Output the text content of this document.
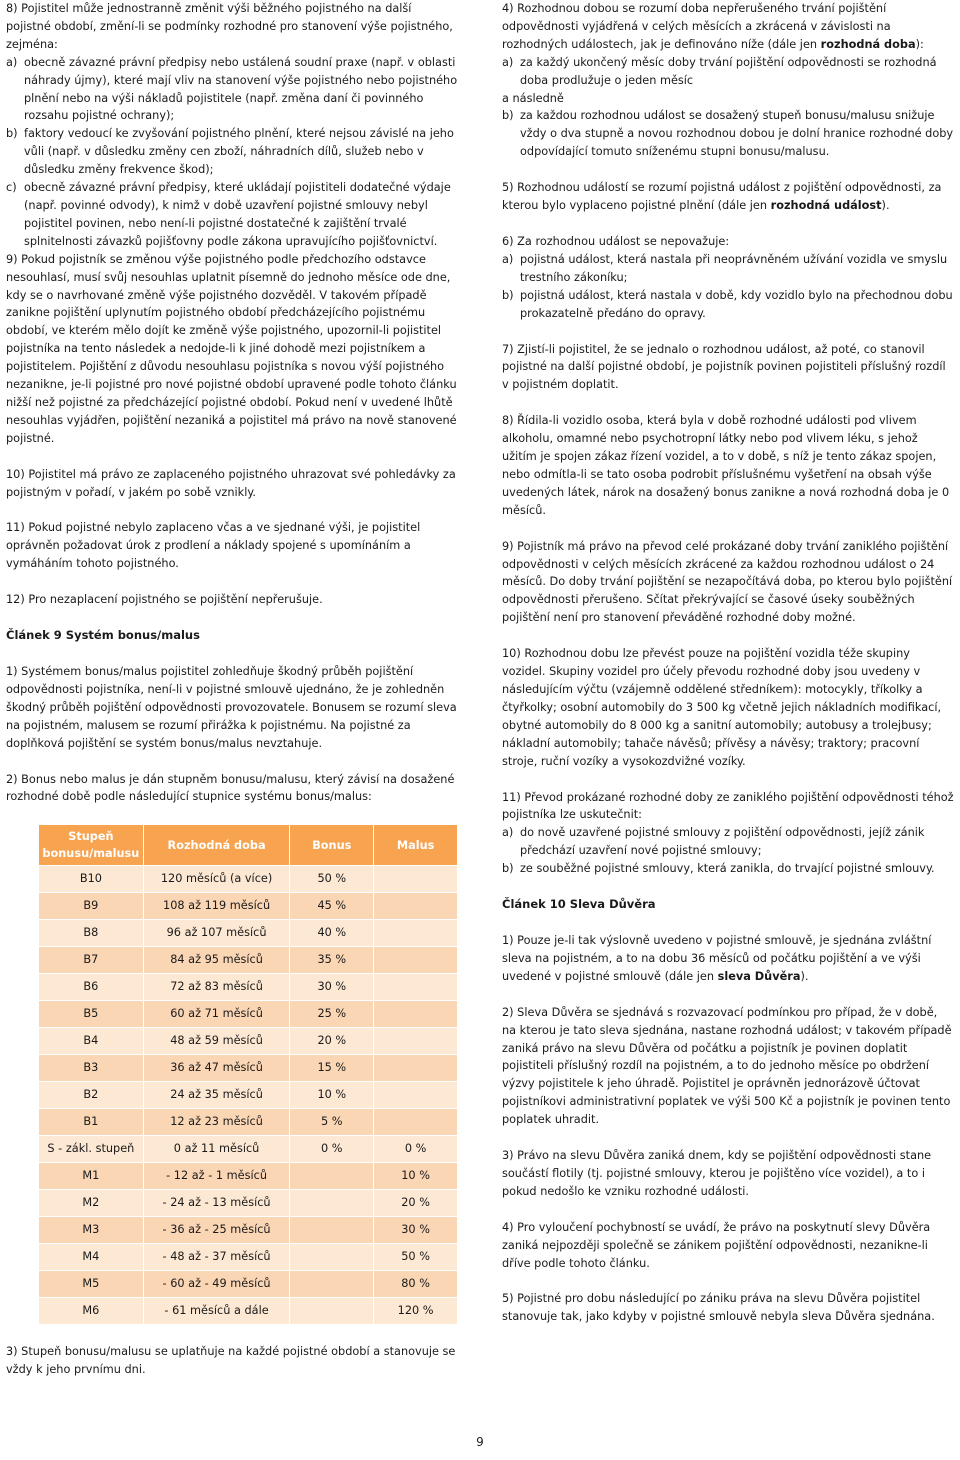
8) Pojistitel může jednostranně změnit výši běžného pojistného na další pojistné období, změní-li se podmínky rozhodné pro stanovení výše pojistného, zejména:

a) obecně závazné právní předpisy nebo ustálená soudní praxe (např. v oblasti náhrady újmy), které mají vliv na stanovení výše pojistného nebo pojistného plnění nebo na výši nákladů pojistitele (např. změna daní či povinného rozsahu pojistné ochrany);
b) faktory vedoucí ke zvyšování pojistného plnění, které nejsou závislé na jeho vůli (např. v důsledku změny cen zboží, náhradních dílů, služeb nebo v důsledku změny frekvence škod);
c) obecně závazné právní předpisy, které ukládají pojistiteli dodatečné výdaje (např. povinné odvody), k nimž v době uzavření pojistné smlouvy nebyl pojistitel povinen, nebo není-li pojistné dostatečné k zajištění trvalé splnitelnosti závazků pojišťovny podle zákona upravujícího pojišťovnictví.

9) Pokud pojistník se změnou výše pojistného podle předchozího odstavce nesouhlasí, musí svůj nesouhlas uplatnit písemně do jednoho měsíce ode dne, kdy se o navrhované změně výše pojistného dozvěděl. V takovém případě zanikne pojištění uplynutím pojistného období předcházejícího pojistnému období, ve kterém mělo dojít ke změně výše pojistného, upozornil-li pojistitel pojistníka na tento následek a nedojde-li k jiné dohodě mezi pojistníkem a pojistitelem. Pojištění z důvodu nesouhlasu pojistníka s novou výší pojistného nezanikne, je-li pojistné pro nové pojistné období upravené podle tohoto článku nižší než pojistné za předcházející pojistné období. Pokud není v uvedené lhůtě nesouhlas vyjádřen, pojištění nezaniká a pojistitel má právo na nově stanovené pojistné.

10) Pojistitel má právo ze zaplaceného pojistného uhrazovat své pohledávky za pojistným v pořadí, v jakém po sobě vznikly.

11) Pokud pojistné nebylo zaplaceno včas a ve sjednané výši, je pojistitel oprávněn požadovat úrok z prodlení a náklady spojené s upomínáním a vymáháním tohoto pojistného.

12) Pro nezaplacení pojistného se pojištění nepřerušuje.

Článek 9 Systém bonus/malus

1) Systémem bonus/malus pojistitel zohledňuje škodný průběh pojištění odpovědnosti pojistníka, není-li v pojistné smlouvě ujednáno, že je zohledněn škodný průběh pojištění odpovědnosti provozovatele. Bonusem se rozumí sleva na pojistném, malusem se rozumí přirážka k pojistnému. Na pojistné za doplňková pojištění se systém bonus/malus nevztahuje.

2) Bonus nebo malus je dán stupněm bonusu/malusu, který závisí na dosažené rozhodné době podle následující stupnice systému bonus/malus:

Stupeň bonusu/malusu	Rozhodná doba	Bonus	Malus
B10	120 měsíců (a více)	50 %	
B9	108 až 119 měsíců	45 %	
B8	96 až 107 měsíců	40 %	
B7	84 až 95 měsíců	35 %	
B6	72 až 83 měsíců	30 %	
B5	60 až 71 měsíců	25 %	
B4	48 až 59 měsíců	20 %	
B3	36 až 47 měsíců	15 %	
B2	24 až 35 měsíců	10 %	
B1	12 až 23 měsíců	5 %	
S - zákl. stupeň	0 až 11 měsíců	0 %	0 %
M1	- 12 až - 1 měsíců		10 %
M2	- 24 až - 13 měsíců		20 %
M3	- 36 až - 25 měsíců		30 %
M4	- 48 až - 37 měsíců		50 %
M5	- 60 až - 49 měsíců		80 %
M6	- 61 měsíců a dále		120 %

3) Stupeň bonusu/malusu se uplatňuje na každé pojistné období a stanovuje se vždy k jeho prvnímu dni.

4) Rozhodnou dobou se rozumí doba nepřerušeného trvání pojištění odpovědnosti vyjádřená v celých měsících a zkrácená v závislosti na rozhodných událostech, jak je definováno níže (dále jen rozhodná doba):

a) za každý ukončený měsíc doby trvání pojištění odpovědnosti se rozhodná doba prodlužuje o jeden měsíc

a následně

b) za každou rozhodnou událost se dosažený stupeň bonusu/malusu snižuje vždy o dva stupně a novou rozhodnou dobou je dolní hranice rozhodné doby odpovídající tomuto sníženému stupni bonusu/malusu.

5) Rozhodnou událostí se rozumí pojistná událost z pojištění odpovědnosti, za kterou bylo vyplaceno pojistné plnění (dále jen rozhodná událost).

6) Za rozhodnou událost se nepovažuje:

a) pojistná událost, která nastala při neoprávněném užívání vozidla ve smyslu trestního zákoníku;
b) pojistná událost, která nastala v době, kdy vozidlo bylo na přechodnou dobu prokazatelně předáno do opravy.

7) Zjistí-li pojistitel, že se jednalo o rozhodnou událost, až poté, co stanovil pojistné na další pojistné období, je pojistník povinen pojistiteli příslušný rozdíl v pojistném doplatit.

8) Řídila-li vozidlo osoba, která byla v době rozhodné události pod vlivem alkoholu, omamné nebo psychotropní látky nebo pod vlivem léku, s jehož užitím je spojen zákaz řízení vozidel, a to v době, s níž je tento zákaz spojen, nebo odmítla-li se tato osoba podrobit příslušnému vyšetření na obsah výše uvedených látek, nárok na dosažený bonus zanikne a nová rozhodná doba je 0 měsíců.

9) Pojistník má právo na převod celé prokázané doby trvání zaniklého pojištění odpovědnosti v celých měsících zkrácené za každou rozhodnou událost o 24 měsíců. Do doby trvání pojištění se nezapočítává doba, po kterou bylo pojištění odpovědnosti přerušeno. Sčítat překrývající se časové úseky souběžných pojištění není pro stanovení převáděné rozhodné doby možné.

10) Rozhodnou dobu lze převést pouze na pojištění vozidla téže skupiny vozidel. Skupiny vozidel pro účely převodu rozhodné doby jsou uvedeny v následujícím výčtu (vzájemně oddělené středníkem): motocykly, tříkolky a čtyřkolky; osobní automobily do 3 500 kg včetně jejich nákladních modifikací, obytné automobily do 8 000 kg a sanitní automobily; autobusy a trolejbusy; nákladní automobily; tahače návěsů; přívěsy a návěsy; traktory; pracovní stroje, ruční vozíky a vysokozdvižné vozíky.

11) Převod prokázané rozhodné doby ze zaniklého pojištění odpovědnosti téhož pojistníka lze uskutečnit:

a) do nově uzavřené pojistné smlouvy z pojištění odpovědnosti, jejíž zánik předchází uzavření nové pojistné smlouvy;
b) ze souběžné pojistné smlouvy, která zanikla, do trvající pojistné smlouvy.
Článek 10 Sleva Důvěra

1) Pouze je-li tak výslovně uvedeno v pojistné smlouvě, je sjednána zvláštní sleva na pojistném, a to na dobu 36 měsíců od počátku pojištění a ve výši uvedené v pojistné smlouvě (dále jen sleva Důvěra).

2) Sleva Důvěra se sjednává s rozvazovací podmínkou pro případ, že v době, na kterou je tato sleva sjednána, nastane rozhodná událost; v takovém případě zaniká právo na slevu Důvěra od počátku a pojistník je povinen doplatit pojistiteli příslušný rozdíl na pojistném, a to do jednoho měsíce po obdržení výzvy pojistitele k jeho úhradě. Pojistitel je oprávněn jednorázově účtovat pojistníkovi administrativní poplatek ve výši 500 Kč a pojistník je povinen tento poplatek uhradit.

3) Právo na slevu Důvěra zaniká dnem, kdy se pojištění odpovědnosti stane součástí flotily (tj. pojistné smlouvy, kterou je pojištěno více vozidel), a to i pokud nedošlo ke vzniku rozhodné události.

4) Pro vyloučení pochybností se uvádí, že právo na poskytnutí slevy Důvěra zaniká nejpozději společně se zánikem pojištění odpovědnosti, nezanikne-li dříve podle tohoto článku.

5) Pojistné pro dobu následující po zániku práva na slevu Důvěra pojistitel stanovuje tak, jako kdyby v pojistné smlouvě nebyla sleva Důvěra sjednána.

9
